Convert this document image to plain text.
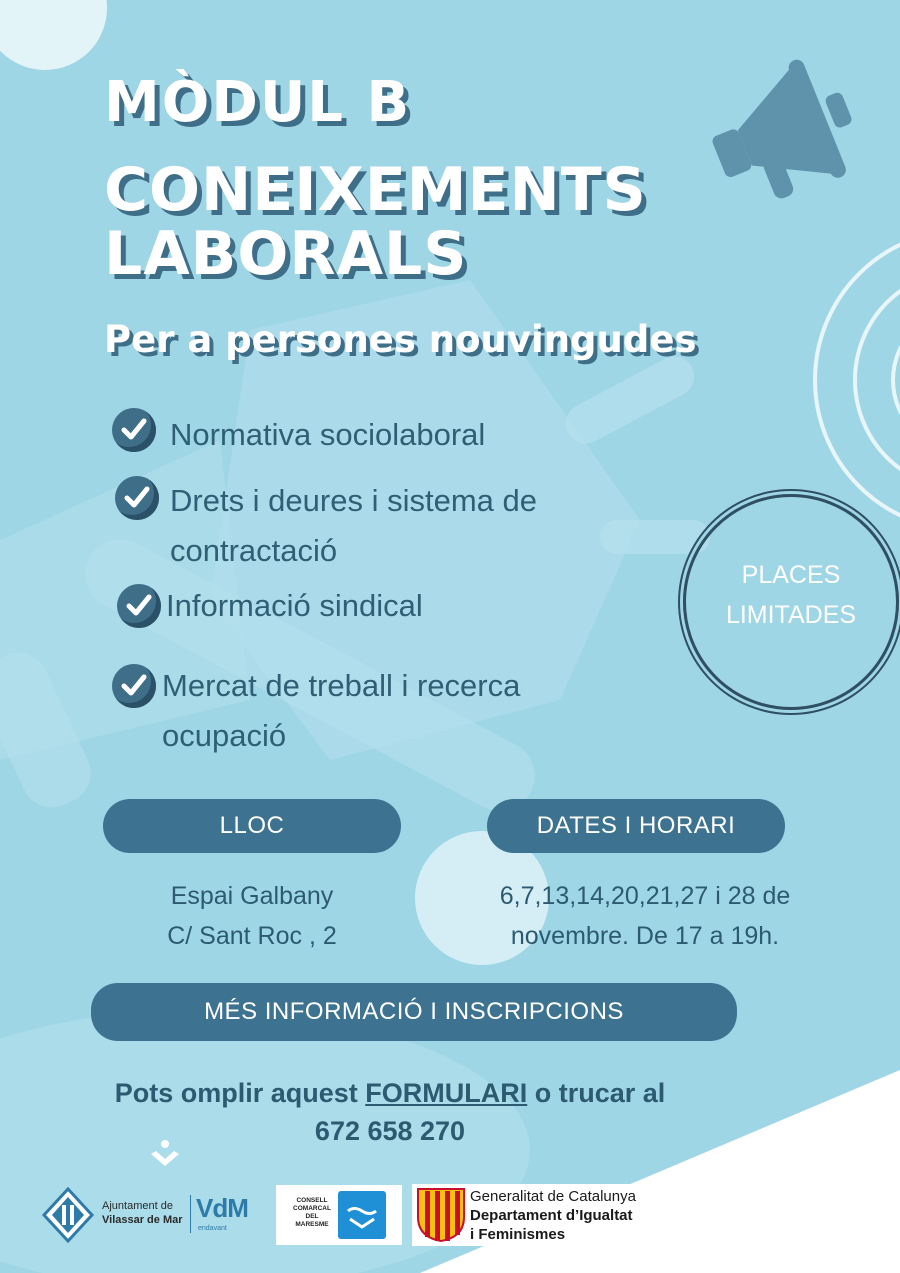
MÒDUL B
CONEIXEMENTS
LABORALS
Per a persones nouvingudes

Normativa sociolaboral

Drets i deures i sistema de
contractació

Informació sindical

Mercat de treball i recerca
ocupació

PLACES
LIMITADES
LLOC	DATES I HORARI

Espai Galbany
C/ Sant Roc , 2

6,7,13,14,20,21,27 i 28 de
novembre. De 17 a 19h.

MÉS INFORMACIÓ I INSCRIPCIONS
Pots omplir aquest FORMULARI o trucar al
672 658 270
Ajuntament de
Vilassar de Mar VdM
endavant
CONSELL
COMARCAL
DEL
MARESME
Generalitat de Catalunya
Departament d’Igualtat
i Feminismes
